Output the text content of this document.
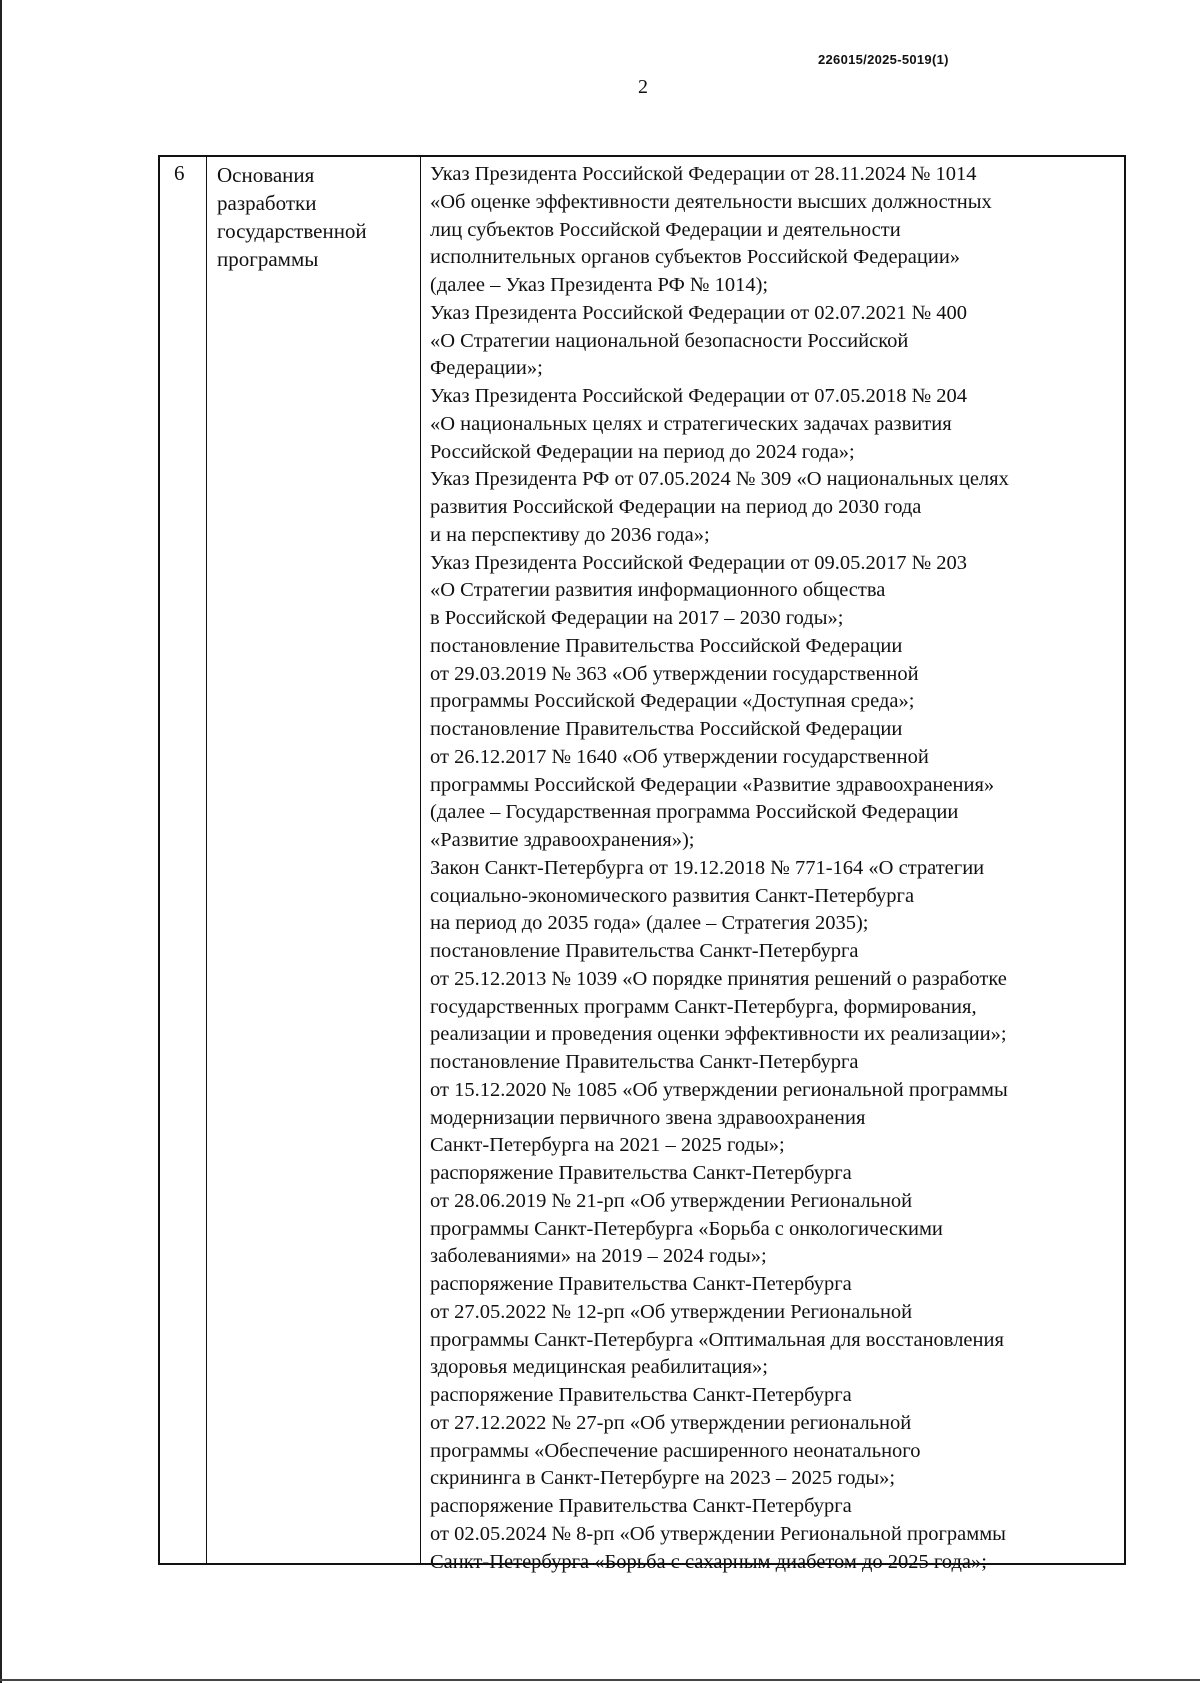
226015/2025-5019(1)
2
6 Основания
разработки
государственной
программы
Указ Президента Российской Федерации от 28.11.2024 № 1014
«Об оценке эффективности деятельности высших должностных
лиц субъектов Российской Федерации и деятельности
исполнительных органов субъектов Российской Федерации»
(далее – Указ Президента РФ № 1014);
Указ Президента Российской Федерации от 02.07.2021 № 400
«О Стратегии национальной безопасности Российской
Федерации»;
Указ Президента Российской Федерации от 07.05.2018 № 204
«О национальных целях и стратегических задачах развития
Российской Федерации на период до 2024 года»;
Указ Президента РФ от 07.05.2024 № 309 «О национальных целях
развития Российской Федерации на период до 2030 года
и на перспективу до 2036 года»;
Указ Президента Российской Федерации от 09.05.2017 № 203
«О Стратегии развития информационного общества
в Российской Федерации на 2017 – 2030 годы»;
постановление Правительства Российской Федерации
от 29.03.2019 № 363 «Об утверждении государственной
программы Российской Федерации «Доступная среда»;
постановление Правительства Российской Федерации
от 26.12.2017 № 1640 «Об утверждении государственной
программы Российской Федерации «Развитие здравоохранения»
(далее – Государственная программа Российской Федерации
«Развитие здравоохранения»);
Закон Санкт-Петербурга от 19.12.2018 № 771-164 «О стратегии
социально-экономического развития Санкт-Петербурга
на период до 2035 года» (далее – Стратегия 2035);
постановление Правительства Санкт-Петербурга
от 25.12.2013 № 1039 «О порядке принятия решений о разработке
государственных программ Санкт-Петербурга, формирования,
реализации и проведения оценки эффективности их реализации»;
постановление Правительства Санкт-Петербурга
от 15.12.2020 № 1085 «Об утверждении региональной программы
модернизации первичного звена здравоохранения
Санкт-Петербурга на 2021 – 2025 годы»;
распоряжение Правительства Санкт-Петербурга
от 28.06.2019 № 21-рп «Об утверждении Региональной
программы Санкт-Петербурга «Борьба с онкологическими
заболеваниями» на 2019 – 2024 годы»;
распоряжение Правительства Санкт-Петербурга
от 27.05.2022 № 12-рп «Об утверждении Региональной
программы Санкт-Петербурга «Оптимальная для восстановления
здоровья медицинская реабилитация»;
распоряжение Правительства Санкт-Петербурга
от 27.12.2022 № 27-рп «Об утверждении региональной
программы «Обеспечение расширенного неонатального
скрининга в Санкт-Петербурге на 2023 – 2025 годы»;
распоряжение Правительства Санкт-Петербурга
от 02.05.2024 № 8-рп «Об утверждении Региональной программы
Санкт-Петербурга «Борьба с сахарным диабетом до 2025 года»;
